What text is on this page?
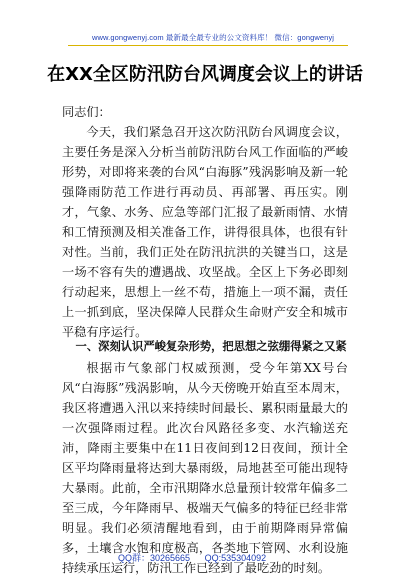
www.gongwenyj.com 最新最全最专业的公文资料库！ 微信：gongwenyj
在XX全区防汛防台风调度会议上的讲话
同志们：
今天，我们紧急召开这次防汛防台风调度会议，主要任务是深入分析当前防汛防台风工作面临的严峻形势，对即将来袭的台风“白海豚”残涡影响及新一轮强降雨防范工作进行再动员、再部署、再压实。刚才，气象、水务、应急等部门汇报了最新雨情、水情和工情预测及相关准备工作，讲得很具体，也很有针对性。当前，我们正处在防汛抗洪的关键当口，这是一场不容有失的遭遇战、攻坚战。全区上下务必即刻行动起来，思想上一丝不苟，措施上一项不漏，责任上一抓到底，坚决保障人民群众生命财产安全和城市平稳有序运行。
一、深刻认识严峻复杂形势，把思想之弦绷得紧之又紧
根据市气象部门权威预测，受今年第XX号台风“白海豚”残涡影响，从今天傍晚开始直至本周末，我区将遭遇入汛以来持续时间最长、累积雨量最大的一次强降雨过程。此次台风路径多变、水汽输送充沛，降雨主要集中在11日夜间到12日夜间，预计全区平均降雨量将达到大暴雨级，局地甚至可能出现特大暴雨。此前，全市汛期降水总量预计较常年偏多二至三成，今年降雨早、极端天气偏多的特征已经非常明显。我们必须清醒地看到，由于前期降雨异常偏多，土壤含水饱和度极高，各类地下管网、水利设施持续承压运行，防汛工作已经到了最吃劲的时刻。
QQ群：30265665 QQ:535304092
